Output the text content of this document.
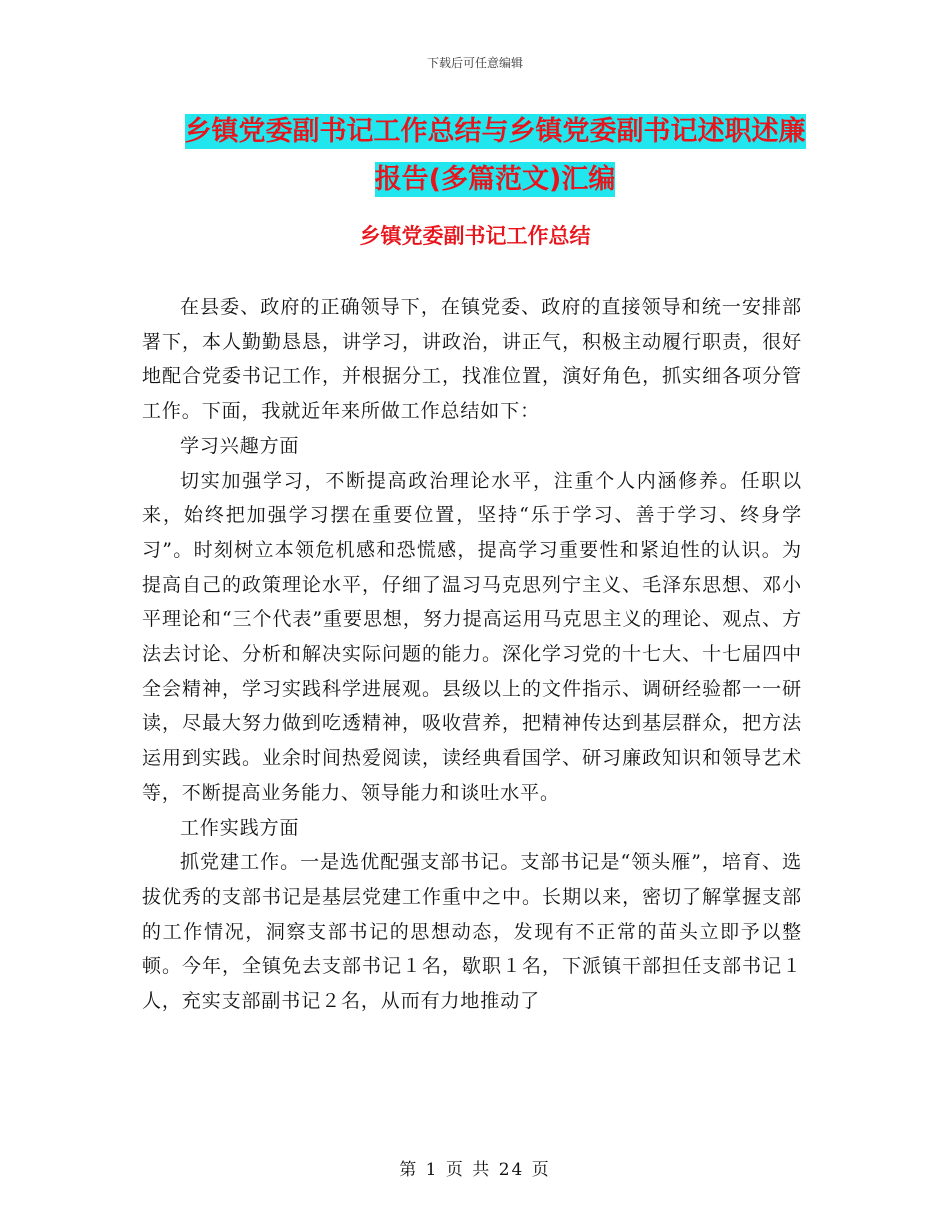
下载后可任意编辑
乡镇党委副书记工作总结与乡镇党委副书记述职述廉
报告(多篇范文)汇编
乡镇党委副书记工作总结

在县委、政府的正确领导下，在镇党委、政府的直接领导和统一安排部署下，本人勤勤恳恳，讲学习，讲政治，讲正气，积极主动履行职责，很好地配合党委书记工作，并根据分工，找准位置，演好角色，抓实细各项分管工作。下面，我就近年来所做工作总结如下：

学习兴趣方面

切实加强学习，不断提高政治理论水平，注重个人内涵修养。任职以来，始终把加强学习摆在重要位置，坚持“乐于学习、善于学习、终身学习”。时刻树立本领危机感和恐慌感，提高学习重要性和紧迫性的认识。为提高自己的政策理论水平，仔细了温习马克思列宁主义、毛泽东思想、邓小平理论和“三个代表”重要思想，努力提高运用马克思主义的理论、观点、方法去讨论、分析和解决实际问题的能力。深化学习党的十七大、十七届四中全会精神，学习实践科学进展观。县级以上的文件指示、调研经验都一一研读，尽最大努力做到吃透精神，吸收营养，把精神传达到基层群众，把方法运用到实践。业余时间热爱阅读，读经典看国学、研习廉政知识和领导艺术等，不断提高业务能力、领导能力和谈吐水平。

工作实践方面

抓党建工作。一是选优配强支部书记。支部书记是“领头雁”，培育、选拔优秀的支部书记是基层党建工作重中之中。长期以来，密切了解掌握支部的工作情况，洞察支部书记的思想动态，发现有不正常的苗头立即予以整顿。今年，全镇免去支部书记１名，歇职１名，下派镇干部担任支部书记１人，充实支部副书记２名，从而有力地推动了

第 1 页 共 24 页
